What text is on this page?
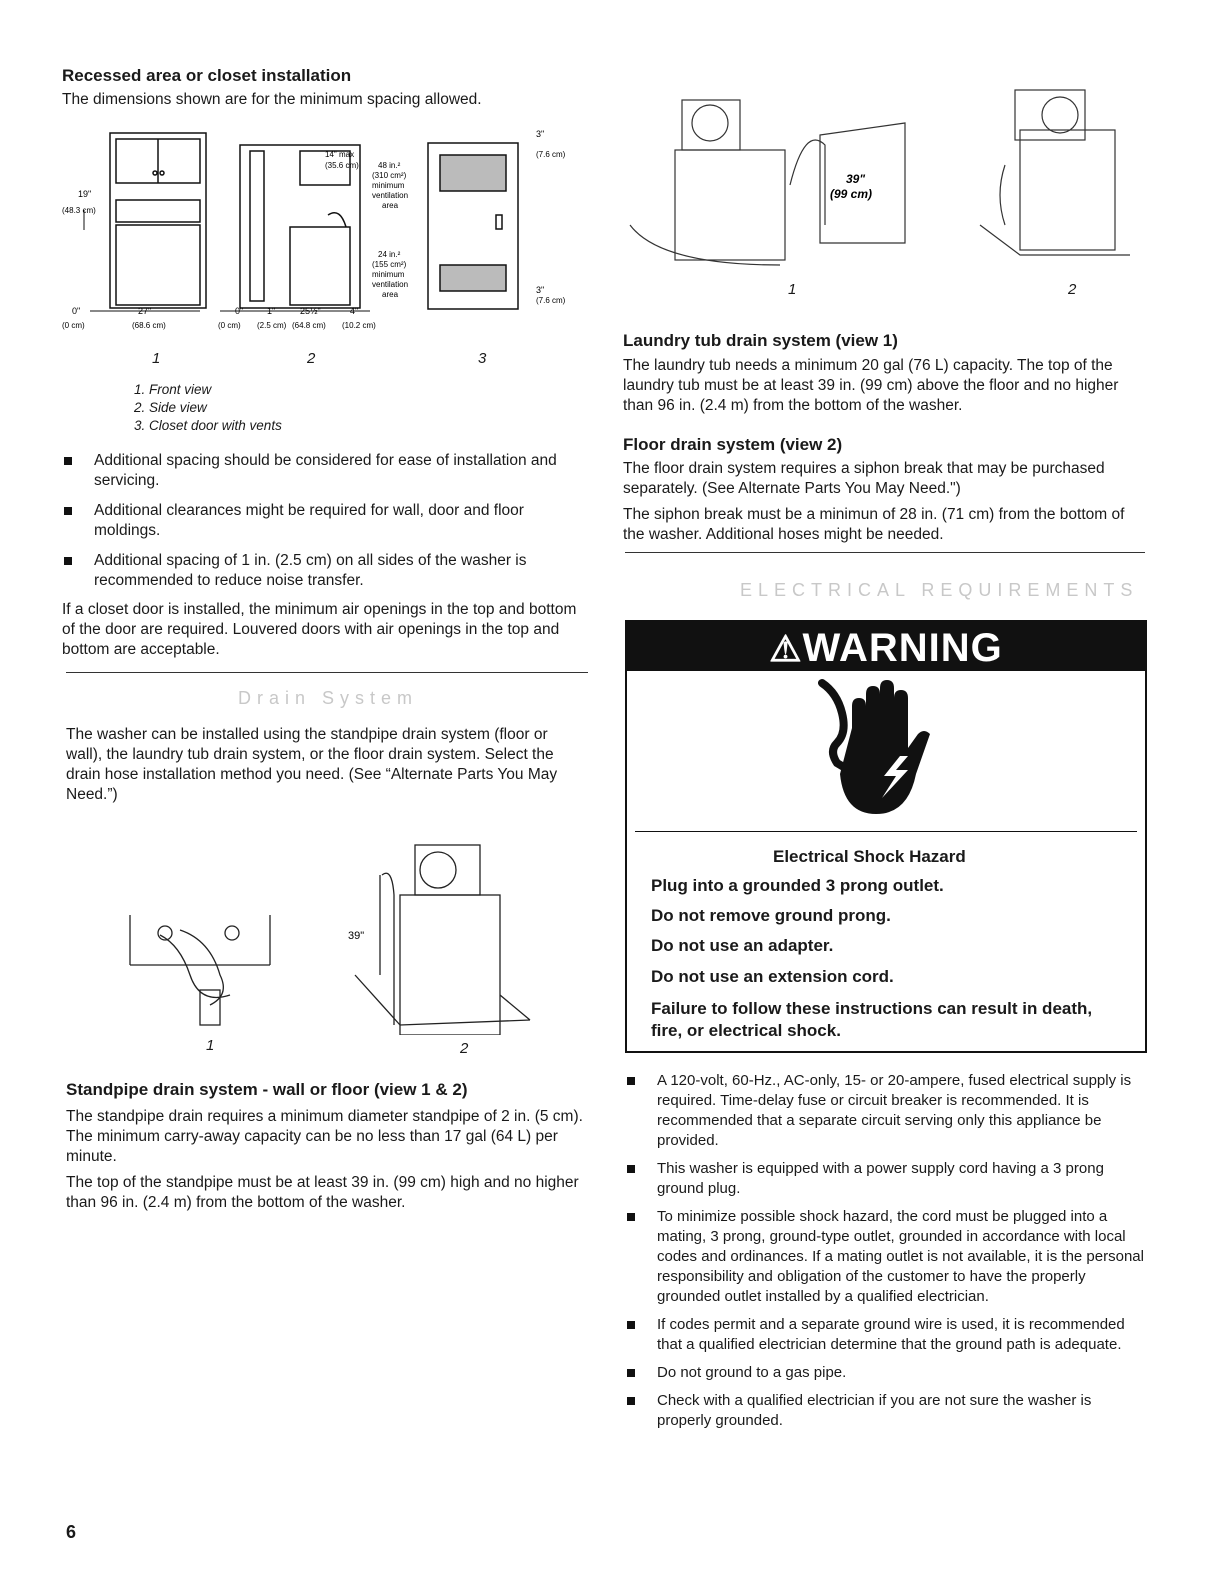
Recessed area or closet installation
The dimensions shown are for the minimum spacing allowed.
19"
(48.3 cm)
0"
(0 cm)
27"
(68.6 cm)
0"
(0 cm)
1"
(2.5 cm)
25½"
(64.8 cm)
4"
(10.2 cm)
14" max
(35.6 cm) 48 in.²
(310 cm²)
minimum
ventilation
area
24 in.²
(155 cm²)
minimum
ventilation
area
3"
(7.6 cm)
3"
(7.6 cm)
1	2	3
1. Front view
2. Side view
3. Closet door with vents
Additional spacing should be considered for ease of installation and servicing.
Additional clearances might be required for wall, door and floor moldings.
Additional spacing of 1 in. (2.5 cm) on all sides of the washer is recommended to reduce noise transfer.
If a closet door is installed, the minimum air openings in the top and bottom of the door are required. Louvered doors with air openings in the top and bottom are acceptable.
Drain System
The washer can be installed using the standpipe drain system (floor or wall), the laundry tub drain system, or the floor drain system. Select the drain hose installation method you need. (See “Alternate Parts You May Need.”)
39"
1	2
Standpipe drain system - wall or floor (view 1 & 2)
The standpipe drain requires a minimum diameter standpipe of 2 in. (5 cm). The minimum carry-away capacity can be no less than 17 gal (64 L) per minute.
The top of the standpipe must be at least 39 in. (99 cm) high and no higher than 96 in. (2.4 m) from the bottom of the washer.
39"
(99 cm)
1	2
Laundry tub drain system (view 1)
The laundry tub needs a minimum 20 gal (76 L) capacity. The top of the laundry tub must be at least 39 in. (99 cm) above the floor and no higher than 96 in. (2.4 m) from the bottom of the washer.
Floor drain system (view 2)
The floor drain system requires a siphon break that may be purchased separately. (See Alternate Parts You May Need.")
The siphon break must be a minimun of 28 in. (71 cm) from the bottom of the washer. Additional hoses might be needed.
ELECTRICAL REQUIREMENTS
⚠WARNING
Electrical Shock Hazard
Plug into a grounded 3 prong outlet.
Do not remove ground prong.
Do not use an adapter.
Do not use an extension cord.
Failure to follow these instructions can result in death, fire, or electrical shock.
A 120-volt, 60-Hz., AC-only, 15- or 20-ampere, fused electrical supply is required. Time-delay fuse or circuit breaker is recommended. It is recommended that a separate circuit serving only this appliance be provided.
This washer is equipped with a power supply cord having a 3 prong ground plug.
To minimize possible shock hazard, the cord must be plugged into a mating, 3 prong, ground-type outlet, grounded in accordance with local codes and ordinances. If a mating outlet is not available, it is the personal responsibility and obligation of the customer to have the properly grounded outlet installed by a qualified electrician.
If codes permit and a separate ground wire is used, it is recommended that a qualified electrician determine that the ground path is adequate.
Do not ground to a gas pipe.
Check with a qualified electrician if you are not sure the washer is properly grounded.
6
